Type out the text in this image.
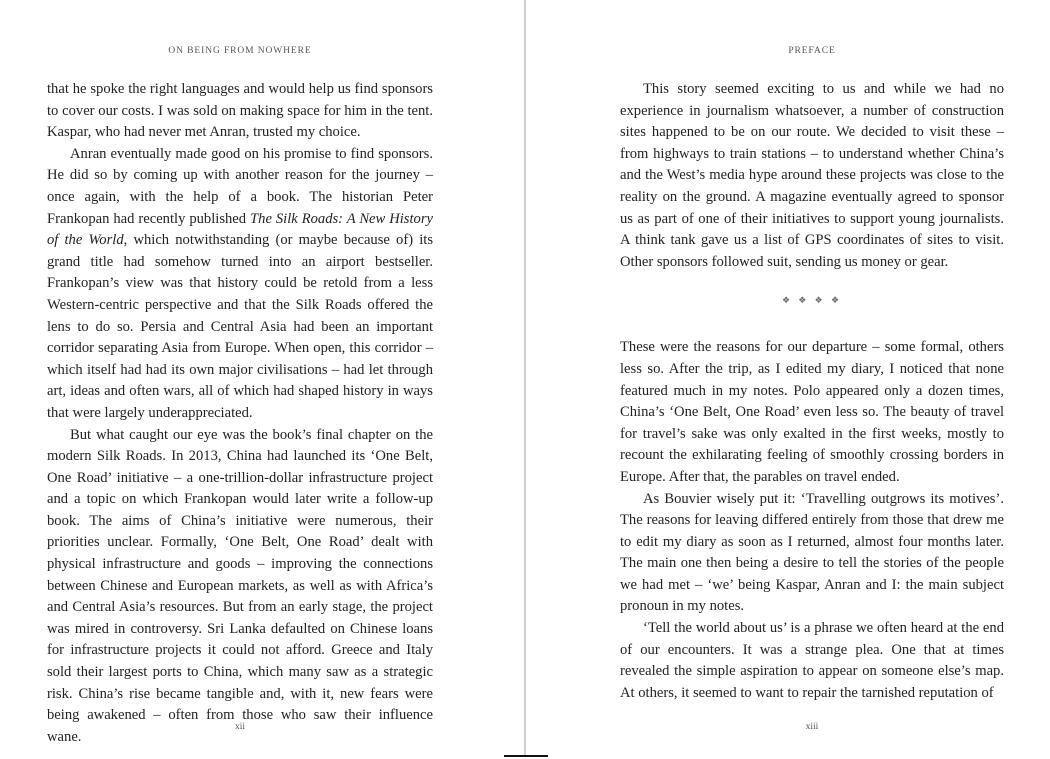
ON BEING FROM NOWHERE

that he spoke the right languages and would help us find sponsors to cover our costs. I was sold on making space for him in the tent. Kaspar, who had never met Anran, trusted my choice.

Anran eventually made good on his promise to find sponsors. He did so by coming up with another reason for the journey – once again, with the help of a book. The historian Peter Frankopan had recently published The Silk Roads: A New History of the World, which notwithstanding (or maybe because of) its grand title had somehow turned into an airport bestseller. Frankopan’s view was that history could be retold from a less Western-centric perspective and that the Silk Roads offered the lens to do so. Persia and Central Asia had been an important corridor separating Asia from Europe. When open, this corridor – which itself had had its own major civilisations – had let through art, ideas and often wars, all of which had shaped history in ways that were largely underappreciated.

But what caught our eye was the book’s final chapter on the modern Silk Roads. In 2013, China had launched its ‘One Belt, One Road’ initiative – a one-trillion-dollar infrastructure project and a topic on which Frankopan would later write a follow-up book. The aims of China’s initiative were numerous, their priorities unclear. Formally, ‘One Belt, One Road’ dealt with physical infrastructure and goods – improving the connections between Chinese and European markets, as well as with Africa’s and Central Asia’s resources. But from an early stage, the project was mired in controversy. Sri Lanka defaulted on Chinese loans for infrastructure projects it could not afford. Greece and Italy sold their largest ports to China, which many saw as a strategic risk. China’s rise became tangible and, with it, new fears were being awakened – often from those who saw their influence wane.

xii
PREFACE

This story seemed exciting to us and while we had no experience in journalism whatsoever, a number of construction sites happened to be on our route. We decided to visit these – from highways to train stations – to understand whether China’s and the West’s media hype around these projects was close to the reality on the ground. A magazine eventually agreed to sponsor us as part of one of their initiatives to support young journalists. A think tank gave us a list of GPS coordinates of sites to visit. Other sponsors followed suit, sending us money or gear.

❖ ❖ ❖ ❖

These were the reasons for our departure – some formal, others less so. After the trip, as I edited my diary, I noticed that none featured much in my notes. Polo appeared only a dozen times, China’s ‘One Belt, One Road’ even less so. The beauty of travel for travel’s sake was only exalted in the first weeks, mostly to recount the exhilarating feeling of smoothly crossing borders in Europe. After that, the parables on travel ended.

As Bouvier wisely put it: ‘Travelling outgrows its motives’. The reasons for leaving differed entirely from those that drew me to edit my diary as soon as I returned, almost four months later. The main one then being a desire to tell the stories of the people we had met – ‘we’ being Kaspar, Anran and I: the main subject pronoun in my notes.

‘Tell the world about us’ is a phrase we often heard at the end of our encounters. It was a strange plea. One that at times revealed the simple aspiration to appear on someone else’s map. At others, it seemed to want to repair the tarnished reputation of

xiii
